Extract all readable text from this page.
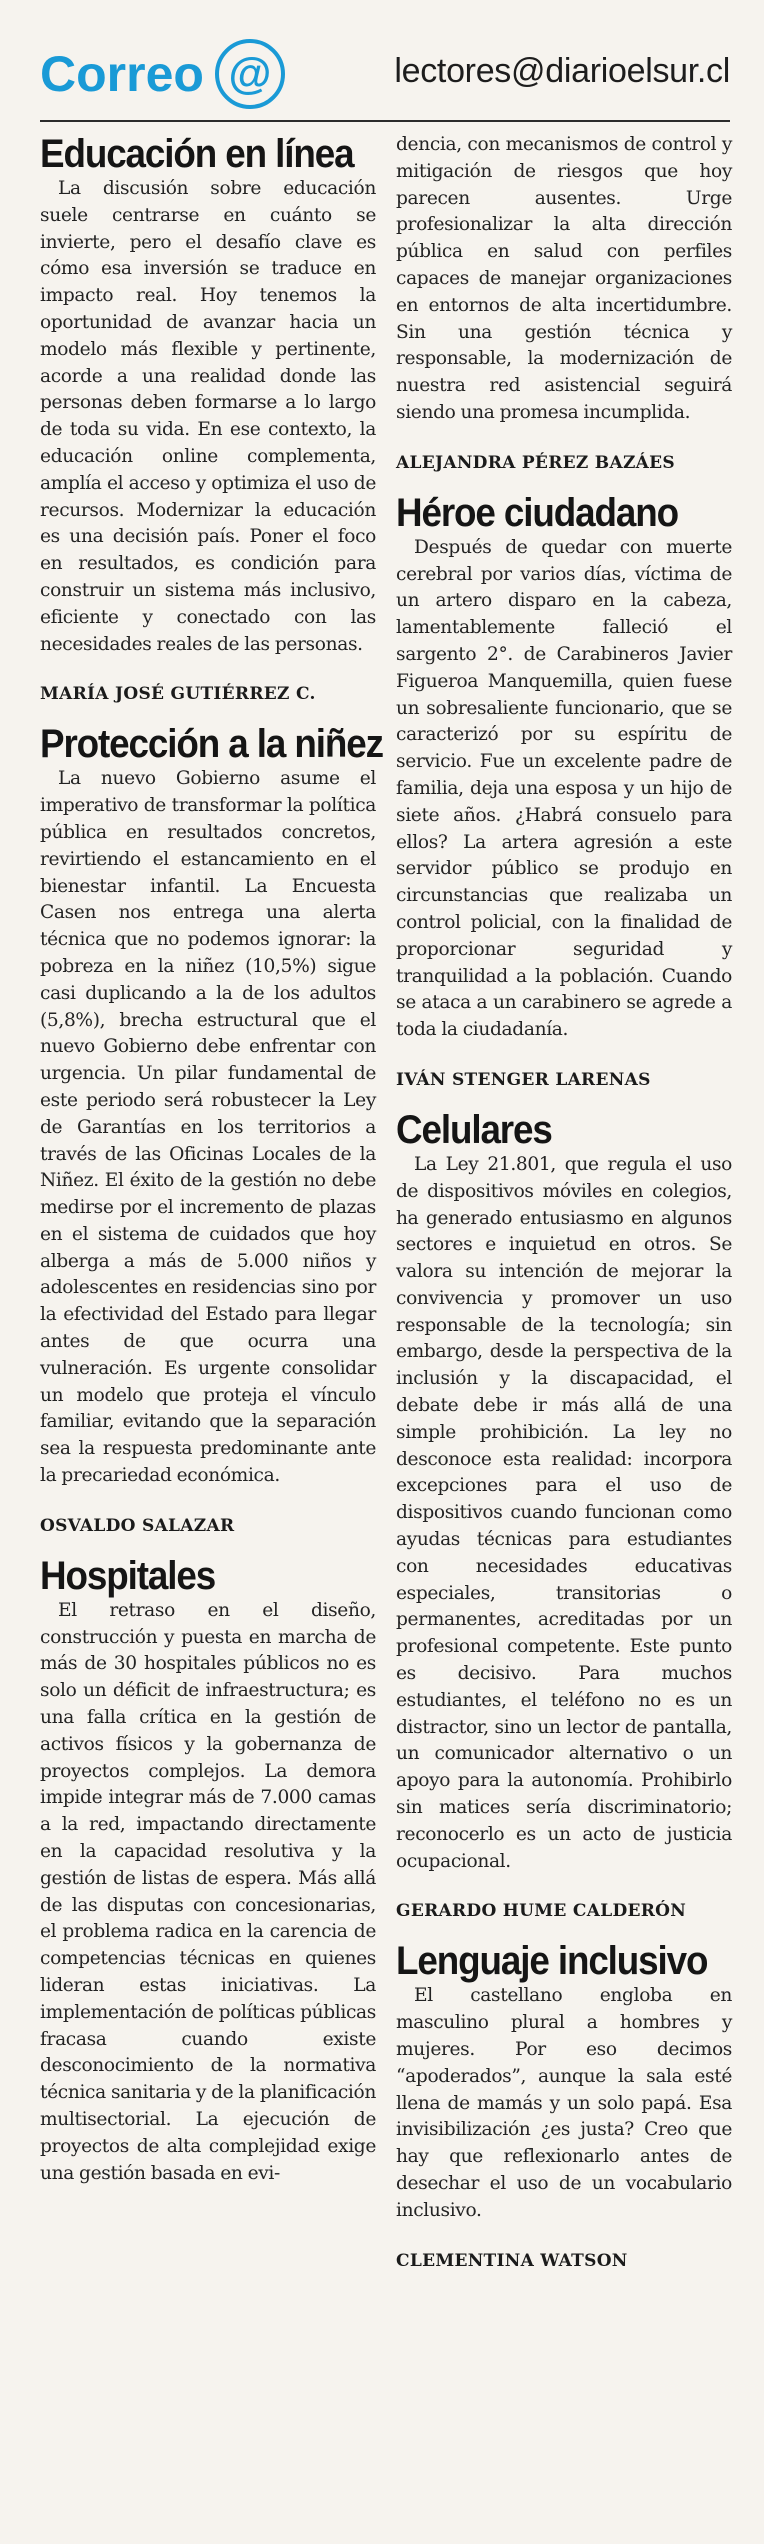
Correo @	lectores@diarioelsur.cl
Educación en línea

La discusión sobre educación suele centrarse en cuánto se invierte, pero el desafío clave es cómo esa inversión se traduce en impacto real. Hoy tenemos la oportunidad de avanzar hacia un modelo más flexible y pertinente, acorde a una realidad donde las personas deben formarse a lo largo de toda su vida. En ese contexto, la educación online complementa, amplía el acceso y optimiza el uso de recursos. Modernizar la educación es una decisión país. Poner el foco en resultados, es condición para construir un sistema más inclusivo, eficiente y conectado con las necesidades reales de las personas.

MARÍA JOSÉ GUTIÉRREZ C.
Protección a la niñez

La nuevo Gobierno asume el imperativo de transformar la política pública en resultados concretos, revirtiendo el estancamiento en el bienestar infantil. La Encuesta Casen nos entrega una alerta técnica que no podemos ignorar: la pobreza en la niñez (10,5%) sigue casi duplicando a la de los adultos (5,8%), brecha estructural que el nuevo Gobierno debe enfrentar con urgencia. Un pilar fundamental de este periodo será robustecer la Ley de Garantías en los territorios a través de las Oficinas Locales de la Niñez. El éxito de la gestión no debe medirse por el incremento de plazas en el sistema de cuidados que hoy alberga a más de 5.000 niños y adolescentes en residencias sino por la efectividad del Estado para llegar antes de que ocurra una vulneración. Es urgente consolidar un modelo que proteja el vínculo familiar, evitando que la separación sea la respuesta predominante ante la precariedad económica.

OSVALDO SALAZAR
Hospitales

El retraso en el diseño, construcción y puesta en marcha de más de 30 hospitales públicos no es solo un déficit de infraestructura; es una falla crítica en la gestión de activos físicos y la gobernanza de proyectos complejos. La demora impide integrar más de 7.000 camas a la red, impactando directamente en la capacidad resolutiva y la gestión de listas de espera. Más allá de las disputas con concesionarias, el problema radica en la carencia de competencias técnicas en quienes lideran estas iniciativas. La implementación de políticas públicas fracasa cuando existe desconocimiento de la normativa técnica sanitaria y de la planificación multisectorial. La ejecución de proyectos de alta complejidad exige una gestión basada en evi-

dencia, con mecanismos de control y mitigación de riesgos que hoy parecen ausentes. Urge profesionalizar la alta dirección pública en salud con perfiles capaces de manejar organizaciones en entornos de alta incertidumbre. Sin una gestión técnica y responsable, la modernización de nuestra red asistencial seguirá siendo una promesa incumplida.

ALEJANDRA PÉREZ BAZÁES
Héroe ciudadano

Después de quedar con muerte cerebral por varios días, víctima de un artero disparo en la cabeza, lamentablemente falleció el sargento 2°. de Carabineros Javier Figueroa Manquemilla, quien fuese un sobresaliente funcionario, que se caracterizó por su espíritu de servicio. Fue un excelente padre de familia, deja una esposa y un hijo de siete años. ¿Habrá consuelo para ellos? La artera agresión a este servidor público se produjo en circunstancias que realizaba un control policial, con la finalidad de proporcionar seguridad y tranquilidad a la población. Cuando se ataca a un carabinero se agrede a toda la ciudadanía.

IVÁN STENGER LARENAS
Celulares

La Ley 21.801, que regula el uso de dispositivos móviles en colegios, ha generado entusiasmo en algunos sectores e inquietud en otros. Se valora su intención de mejorar la convivencia y promover un uso responsable de la tecnología; sin embargo, desde la perspectiva de la inclusión y la discapacidad, el debate debe ir más allá de una simple prohibición. La ley no desconoce esta realidad: incorpora excepciones para el uso de dispositivos cuando funcionan como ayudas técnicas para estudiantes con necesidades educativas especiales, transitorias o permanentes, acreditadas por un profesional competente. Este punto es decisivo. Para muchos estudiantes, el teléfono no es un distractor, sino un lector de pantalla, un comunicador alternativo o un apoyo para la autonomía. Prohibirlo sin matices sería discriminatorio; reconocerlo es un acto de justicia ocupacional.

GERARDO HUME CALDERÓN
Lenguaje inclusivo

El castellano engloba en masculino plural a hombres y mujeres. Por eso decimos “apoderados”, aunque la sala esté llena de mamás y un solo papá. Esa invisibilización ¿es justa? Creo que hay que reflexionarlo antes de desechar el uso de un vocabulario inclusivo.

CLEMENTINA WATSON
